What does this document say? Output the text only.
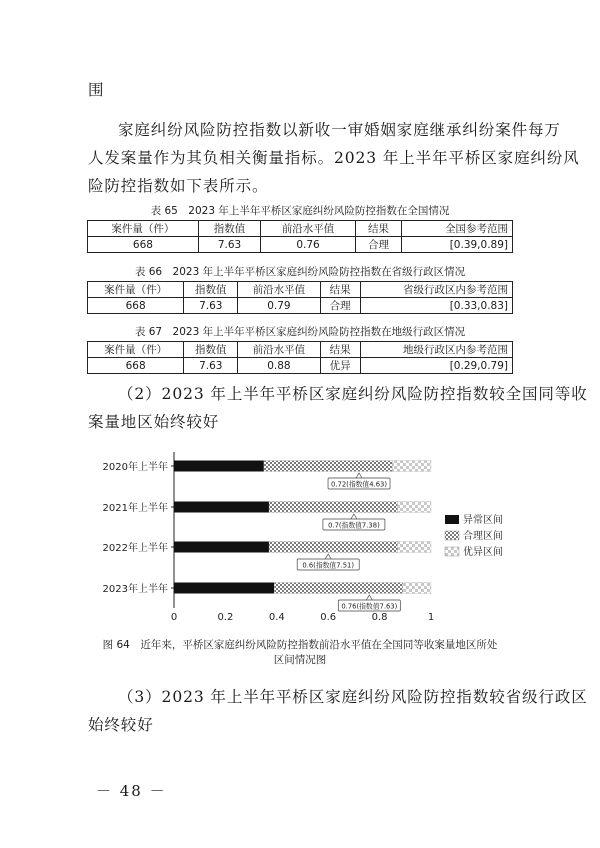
围
家庭纠纷风险防控指数以新收一审婚姻家庭继承纠纷案件每万
人发案量作为其负相关衡量指标。2023 年上半年平桥区家庭纠纷风
险防控指数如下表所示。
表 65　2023 年上半年平桥区家庭纠纷风险防控指数在全国情况
案件量（件）	指数值	前沿水平值	结果	全国参考范围
668	7.63	0.76	合理	[0.39,0.89]
表 66　2023 年上半年平桥区家庭纠纷风险防控指数在省级行政区情况
案件量（件）	指数值	前沿水平值	结果	省级行政区内参考范围
668	7.63	0.79	合理	[0.33,0.83]
表 67　2023 年上半年平桥区家庭纠纷风险防控指数在地级行政区情况
案件量（件）	指数值	前沿水平值	结果	地级行政区内参考范围
668	7.63	0.88	优异	[0.29,0.79]
（2）2023 年上半年平桥区家庭纠纷风险防控指数较全国同等收
案量地区始终较好
2020年上半年
0.72(指数值4.63)
2021年上半年
0.7(指数值7.38)
2022年上半年
0.6(指数值7.51)
2023年上半年
0.76(指数值7.63)
0	0.2	0.4	0.6	0.8	1
异常区间
合理区间
优异区间
图 64　近年来，平桥区家庭纠纷风险防控指数前沿水平值在全国同等收案量地区所处
区间情况图
（3）2023 年上半年平桥区家庭纠纷风险防控指数较省级行政区
始终较好
－ 48 －
